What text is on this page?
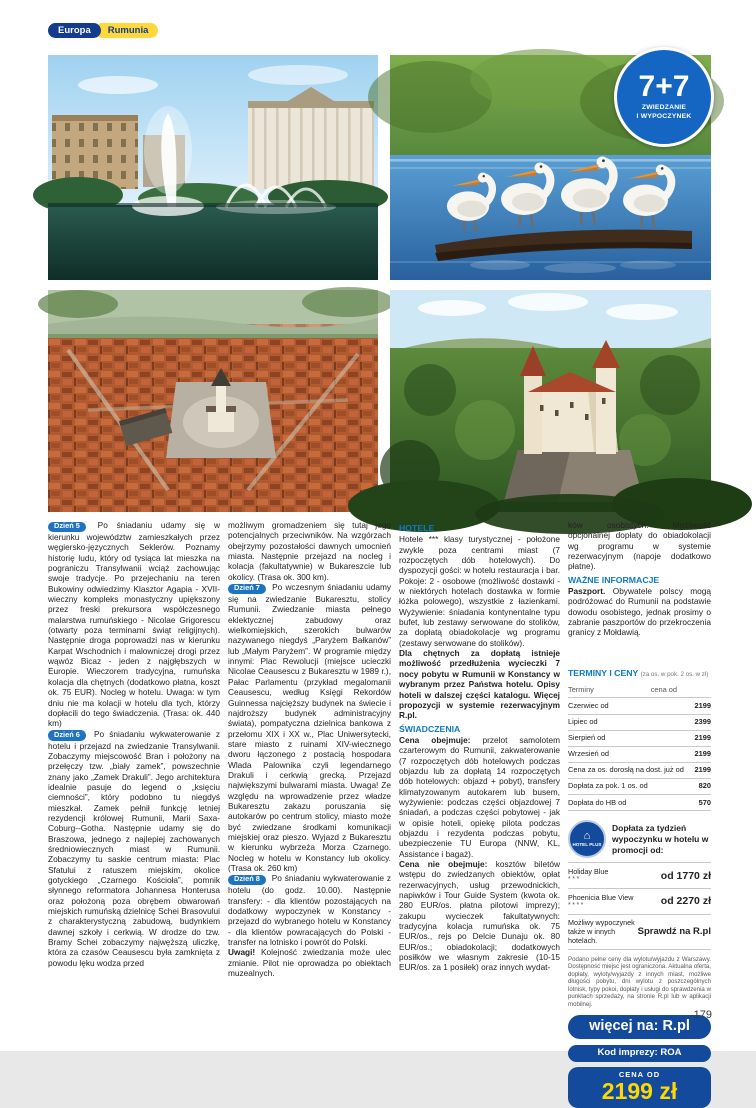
Europa	Rumunia
7+7
ZWIEDZANIE
I WYPOCZYNEK

Dzień 5 Po śniadaniu udamy się w kierunku województw zamieszkałych przez węgiersko-języcznych Seklerów. Poznamy historię ludu, który od tysiąca lat mieszka na pograniczu Transylwanii wciąż zachowując swoje tradycje. Po przejechaniu na teren Bukowiny odwiedzimy Klasztor Agapia - XVII-wieczny kompleks monastyczny upiększony przez freski prekursora współczesnego malarstwa rumuńskiego - Nicolae Grigorescu (otwarty poza terminami świąt religijnych). Następnie droga poprowadzi nas w kierunku Karpat Wschodnich i malowniczej drogi przez wąwóz Bicaz - jeden z najgłębszych w Europie. Wieczorem tradycyjna, rumuńska kolacja dla chętnych (dodatkowo płatna, koszt ok. 75 EUR). Nocleg w hotelu. Uwaga: w tym dniu nie ma kolacji w hotelu dla tych, którzy dopłacili do tego świadczenia. (Trasa: ok. 440 km)

Dzień 6 Po śniadaniu wykwaterowanie z hotelu i przejazd na zwiedzanie Transylwanii. Zobaczymy miejscowość Bran i położony na przełęczy tzw. „biały zamek”, powszechnie znany jako „Zamek Drakuli”. Jego architektura idealnie pasuje do legend o „księciu ciemności”, który podobno tu niegdyś mieszkał. Zamek pełnił funkcję letniej rezydencji królowej Rumunii, Marii Saxa-Coburg--Gotha. Następnie udamy się do Braszowa, jednego z najlepiej zachowanych średniowiecznych miast w Rumunii. Zobaczymy tu saskie centrum miasta: Plac Sfatului z ratuszem miejskim, okolice gotyckiego „Czarnego Kościoła”, pomnik słynnego reformatora Johannesa Honterusa oraz położoną poza obrębem obwarowań miejskich rumuńską dzielnicę Schei Brasovului z charakterystyczną zabudową, budynkiem dawnej szkoły i cerkwią. W drodze do tzw. Bramy Schei zobaczymy najwęższą uliczkę, która za czasów Ceausescu była zamknięta z powodu lęku wodza przed

możliwym gromadzeniem się tutaj jego potencjalnych przeciwników. Na wzgórzach obejrzymy pozostałości dawnych umocnień miasta. Następnie przejazd na nocleg i kolacja (fakultatywnie) w Bukareszcie lub okolicy. (Trasa ok. 300 km).

Dzień 7 Po wczesnym śniadaniu udamy się na zwiedzanie Bukaresztu, stolicy Rumunii. Zwiedzanie miasta pełnego eklektycznej zabudowy oraz wielkomiejskich, szerokich bulwarów nazywanego niegdyś „Paryżem Bałkanów” lub „Małym Paryżem”. W programie między innymi: Plac Rewolucji (miejsce ucieczki Nicolae Ceausescu z Bukaresztu w 1989 r.), Pałac Parlamentu (przykład megalomanii Ceausescu, według Księgi Rekordów Guinnessa najcięższy budynek na świecie i najdroższy budynek administracyjny świata), pompatyczna dzielnica bankowa z przełomu XIX i XX w., Plac Uniwersytecki, stare miasto z ruinami XIV-wiecznego dworu łączonego z postacią hospodara Wlada Palownika czyli legendarnego Drakuli i cerkwią grecką. Przejazd największymi bulwarami miasta. Uwaga! Ze względu na wprowadzenie przez władze Bukaresztu zakazu poruszania się autokarów po centrum stolicy, miasto może być zwiedzane środkami komunikacji miejskiej oraz pieszo. Wyjazd z Bukaresztu w kierunku wybrzeża Morza Czarnego. Nocleg w hotelu w Konstancy lub okolicy. (Trasa ok. 260 km)

Dzień 8 Po śniadaniu wykwaterowanie z hotelu (do godz. 10.00). Następnie transfery: - dla klientów pozostających na dodatkowy wypoczynek w Konstancy - przejazd do wybranego hotelu w Konstancy - dla klientów powracających do Polski - transfer na lotnisko i powrót do Polski.

Uwagi! Kolejność zwiedzania może ulec zmianie. Pilot nie oprowadza po obiektach muzealnych.

HOTELE

Hotele *** klasy turystycznej - położone zwykle poza centrami miast (7 rozpoczętych dób hotelowych). Do dyspozycji gości: w hotelu restauracja i bar. Pokoje: 2 - osobowe (możliwość dostawki - w niektórych hotelach dostawka w formie łóżka polowego), wszystkie z łazienkami. Wyżywienie: śniadania kontynentalne typu bufet, lub zestawy serwowane do stolików, za dopłatą obiadokolacje wg programu (zestawy serwowane do stolików).

Dla chętnych za dopłatą istnieje możliwość przedłużenia wycieczki 7 nocy pobytu w Rumunii w Konstancy w wybranym przez Państwa hotelu. Opisy hoteli w dalszej części katalogu. Więcej propozycji w systemie rezerwacyjnym R.pl.

ŚWIADCZENIA

Cena obejmuje: przelot samolotem czarterowym do Rumunii, zakwaterowanie (7 rozpoczętych dób hotelowych podczas objazdu lub za dopłatą 14 rozpoczętych dób hotelowych: objazd + pobyt), transfery klimatyzowanym autokarem lub busem, wyżywienie: podczas części objazdowej 7 śniadań, a podczas części pobytowej - jak w opisie hoteli, opiekę pilota podczas objazdu i rezydenta podczas pobytu, ubezpieczenie TU Europa (NNW, KL, Assistance i bagaż).

Cena nie obejmuje: kosztów biletów wstępu do zwiedzanych obiektów, opłat rezerwacyjnych, usług przewodnickich, napiwków i Tour Guide System (kwota ok. 280 EUR/os. płatna pilotowi imprezy); zakupu wycieczek fakultatywnych: tradycyjna kolacja rumuńska ok. 75 EUR/os., rejs po Delcie Dunaju ok. 80 EUR/os.; obiadokolacji; dodatkowych posiłków we własnym zakresie (10-15 EUR/os. za 1 posiłek) oraz innych wydat-

ków osobistych. Możliwość opcjonalnej dopłaty do obiadokolacji wg programu w systemie rezerwacyjnym (napoje dodatkowo płatne).

WAŻNE INFORMACJE

Paszport. Obywatele polscy mogą podróżować do Rumunii na podstawie dowodu osobistego, jednak prosimy o zabranie paszportów do przekroczenia granicy z Mołdawią.

TERMINY I CENY (za os. w pok. 2 os. w zł)
Terminy	cena od
Czerwiec od	2199
Lipiec od	2399
Sierpień od	2199
Wrzesień od	2199
Cena za os. dorosłą na dost. już od	2199
Dopłata za pok. 1 os. od	820
Dopłata do HB od	570
⌂
HOTEL PLUS
Dopłata za tydzień wypoczynku w hotelu w promocji od:
Holiday Blue
***	od 1770 zł
Phoenicia Blue View
****	od 2270 zł
Możliwy wypoczynek także w innych hotelach.
Sprawdź na R.pl
Podano pełne ceny dla wylotu/wyjazdu z Warszawy. Dostępność miejsc jest ograniczona. Aktualna oferta, dopłaty, wyloty/wyjazdy z innych miast, możliwe długości pobytu, dni wylotu z poszczególnych lotnisk, typy pokoi, dopłaty i usługi do sprawdzenia w punktach sprzedaży, na stronie R.pl lub w aplikacji mobilnej.
więcej na: R.pl
Kod imprezy: ROA
CENA OD
2199 zł
179
